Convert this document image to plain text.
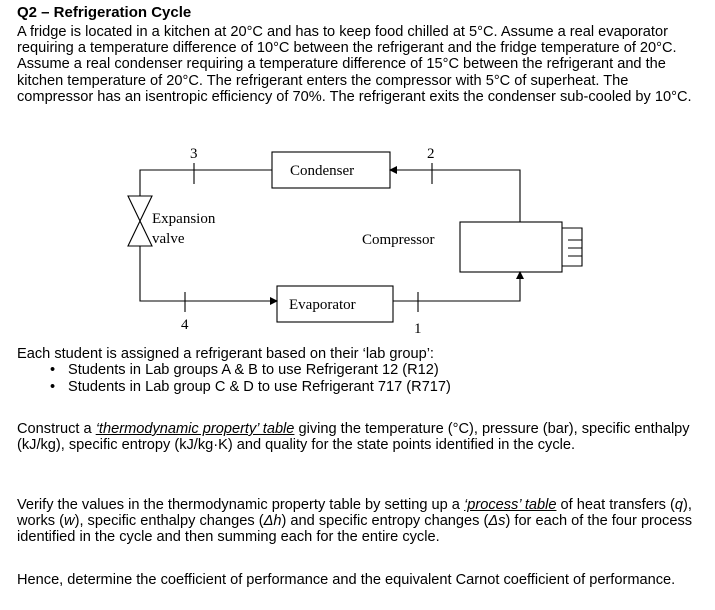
Q2 – Refrigeration Cycle

A fridge is located in a kitchen at 20°C and has to keep food chilled at 5°C. Assume a real evaporator requiring a temperature difference of 10°C between the refrigerant and the fridge temperature of 20°C. Assume a real condenser requiring a temperature difference of 15°C between the refrigerant and the kitchen temperature of 20°C. The refrigerant enters the compressor with 5°C of superheat. The compressor has an isentropic efficiency of 70%. The refrigerant exits the condenser sub-cooled by 10°C.

Condenser
Evaporator
Compressor
Expansion
valve
3	2
4	1

Each student is assigned a refrigerant based on their ‘lab group’:

• Students in Lab groups A & B to use Refrigerant 12 (R12)
• Students in Lab group C & D to use Refrigerant 717 (R717)

Construct a ‘thermodynamic property’ table giving the temperature (°C), pressure (bar), specific enthalpy (kJ/kg), specific entropy (kJ/kg·K) and quality for the state points identified in the cycle.

Verify the values in the thermodynamic property table by setting up a ‘process’ table of heat transfers (q), works (w), specific enthalpy changes (Δh) and specific entropy changes (Δs) for each of the four process identified in the cycle and then summing each for the entire cycle.

Hence, determine the coefficient of performance and the equivalent Carnot coefficient of performance.
